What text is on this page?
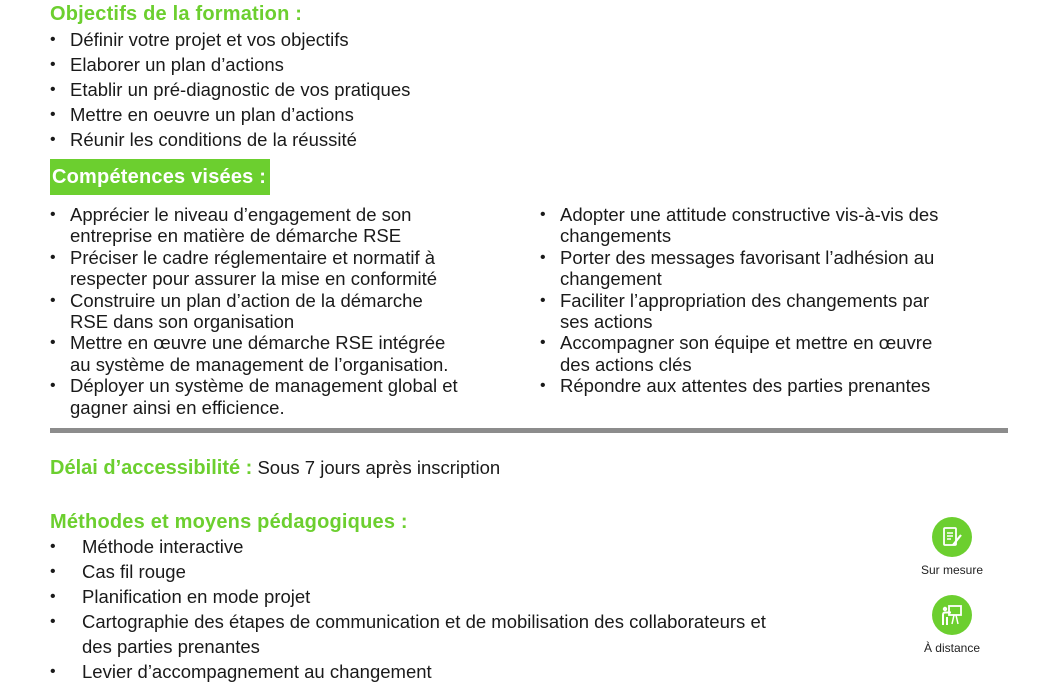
Objectifs de la formation :
• Définir votre projet et vos objectifs
• Elaborer un plan d’actions
• Etablir un pré-diagnostic de vos pratiques
• Mettre en oeuvre un plan d’actions
• Réunir les conditions de la réussité
Compétences visées :
• Apprécier le niveau d’engagement de son
entreprise en matière de démarche RSE
• Préciser le cadre réglementaire et normatif à
respecter pour assurer la mise en conformité
• Construire un plan d’action de la démarche
RSE dans son organisation
• Mettre en œuvre une démarche RSE intégrée
au système de management de l’organisation.
• Déployer un système de management global et
gagner ainsi en efficience.
• Adopter une attitude constructive vis-à-vis des
changements
• Porter des messages favorisant l’adhésion au
changement
• Faciliter l’appropriation des changements par
ses actions
• Accompagner son équipe et mettre en œuvre
des actions clés
• Répondre aux attentes des parties prenantes
Délai d’accessibilité : Sous 7 jours après inscription
Méthodes et moyens pédagogiques :
• Méthode interactive
• Cas fil rouge
• Planification en mode projet
• Cartographie des étapes de communication et de mobilisation des collaborateurs et
des parties prenantes
• Levier d’accompagnement au changement
Sur mesure
À distance
